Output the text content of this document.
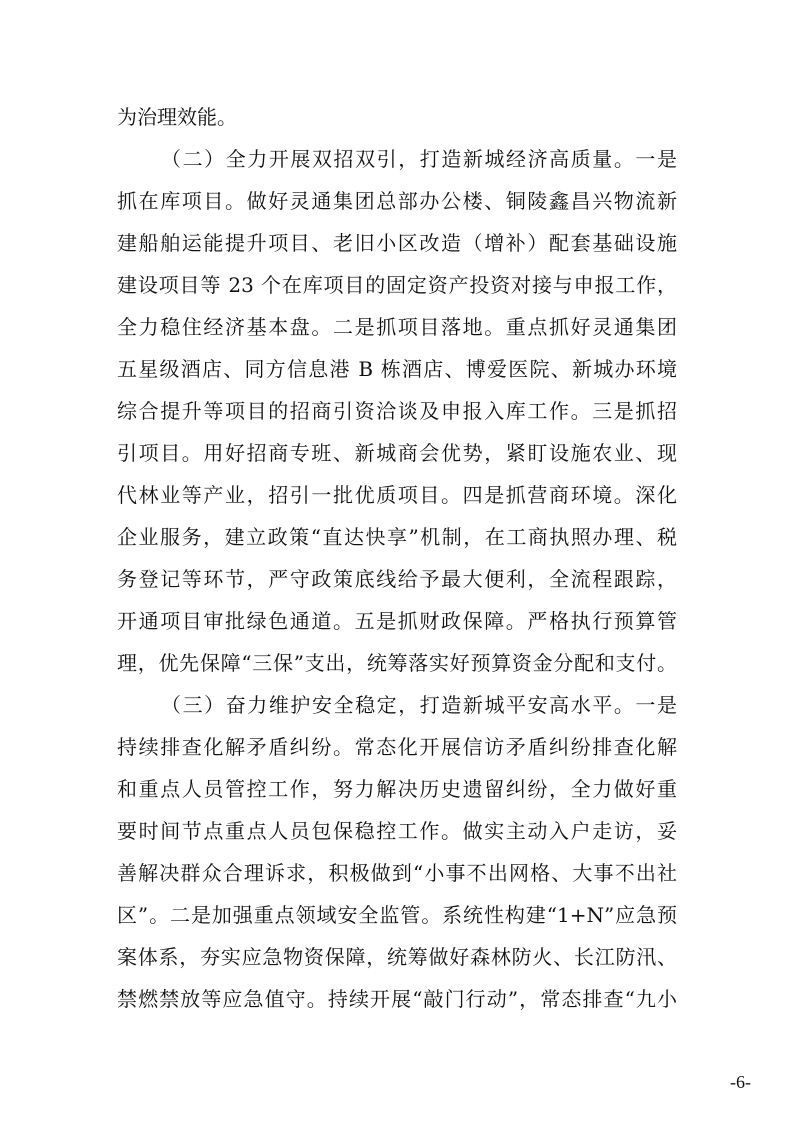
为治理效能。
（二）全力开展双招双引，打造新城经济高质量。一是
抓在库项目。做好灵通集团总部办公楼、铜陵鑫昌兴物流新
建船舶运能提升项目、老旧小区改造（增补）配套基础设施
建设项目等 23 个在库项目的固定资产投资对接与申报工作，
全力稳住经济基本盘。二是抓项目落地。重点抓好灵通集团
五星级酒店、同方信息港 B 栋酒店、博爱医院、新城办环境
综合提升等项目的招商引资洽谈及申报入库工作。三是抓招
引项目。用好招商专班、新城商会优势，紧盯设施农业、现
代林业等产业，招引一批优质项目。四是抓营商环境。深化
企业服务，建立政策“直达快享”机制，在工商执照办理、税
务登记等环节，严守政策底线给予最大便利，全流程跟踪，
开通项目审批绿色通道。五是抓财政保障。严格执行预算管
理，优先保障“三保”支出，统筹落实好预算资金分配和支付。
（三）奋力维护安全稳定，打造新城平安高水平。一是
持续排查化解矛盾纠纷。常态化开展信访矛盾纠纷排查化解
和重点人员管控工作，努力解决历史遗留纠纷，全力做好重
要时间节点重点人员包保稳控工作。做实主动入户走访，妥
善解决群众合理诉求，积极做到“小事不出网格、大事不出社
区”。二是加强重点领域安全监管。系统性构建“1+N”应急预
案体系，夯实应急物资保障，统筹做好森林防火、长江防汛、
禁燃禁放等应急值守。持续开展“敲门行动”，常态排查“九小
-6-
